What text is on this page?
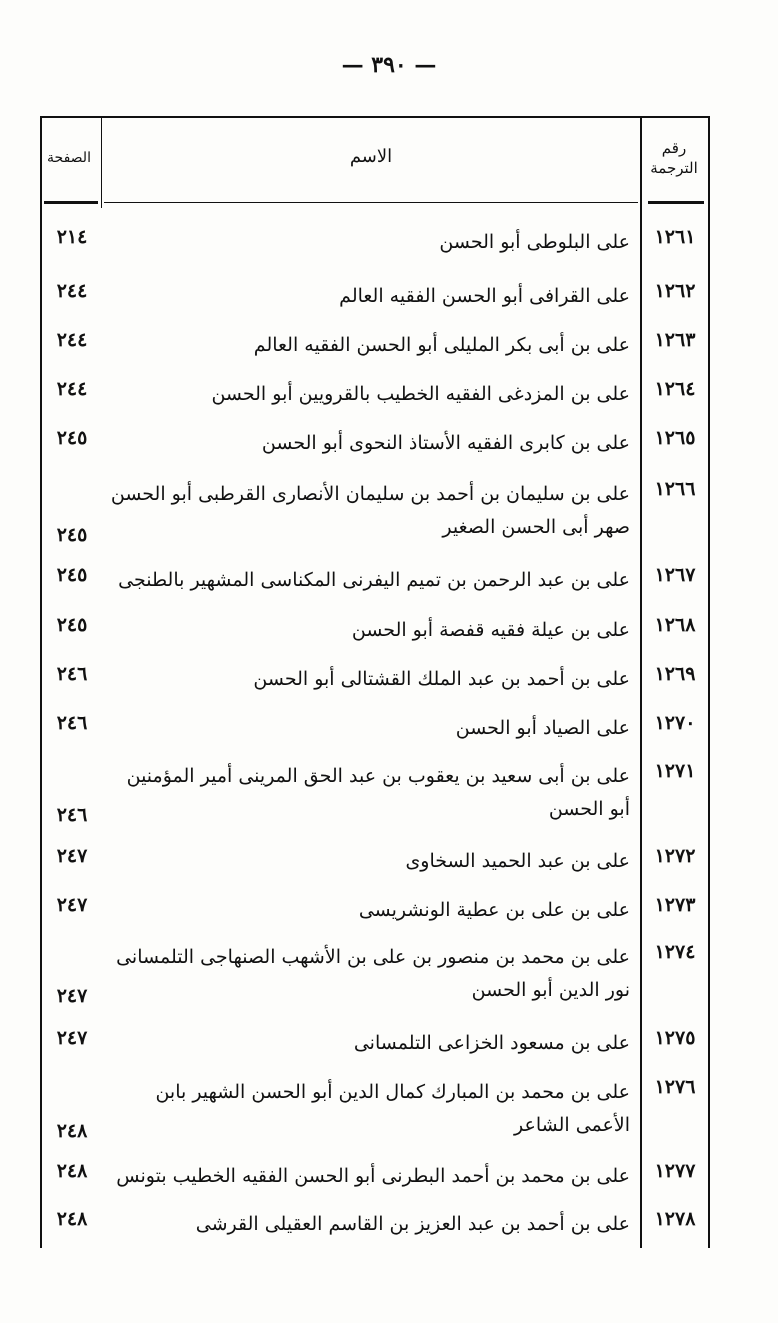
— ٣٩٠ —
رقم الترجمة
الاسم
الصفحة
١٢٦١
على البلوطى أبو الحسن
٢١٤
١٢٦٢
على القرافى أبو الحسن الفقيه العالم
٢٤٤
١٢٦٣
على بن أبى بكر المليلى أبو الحسن الفقيه العالم
٢٤٤
١٢٦٤
على بن المزدغى الفقيه الخطيب بالقرويين أبو الحسن
٢٤٤
١٢٦٥
على بن كابرى الفقيه الأستاذ النحوى أبو الحسن
٢٤٥
١٢٦٦
على بن سليمان بن أحمد بن سليمان الأنصارى القرطبى أبو الحسن صهر أبى الحسن الصغير
٢٤٥
١٢٦٧
على بن عبد الرحمن بن تميم اليفرنى المكناسى المشهير بالطنجى
٢٤٥
١٢٦٨
على بن عيلة فقيه قفصة أبو الحسن
٢٤٥
١٢٦٩
على بن أحمد بن عبد الملك القشتالى أبو الحسن
٢٤٦
١٢٧٠
على الصياد أبو الحسن
٢٤٦
١٢٧١
على بن أبى سعيد بن يعقوب بن عبد الحق المرينى أمير المؤمنين أبو الحسن
٢٤٦
١٢٧٢
على بن عبد الحميد السخاوى
٢٤٧
١٢٧٣
على بن على بن عطية الونشريسى
٢٤٧
١٢٧٤
على بن محمد بن منصور بن على بن الأشهب الصنهاجى التلمسانى نور الدين أبو الحسن
٢٤٧
١٢٧٥
على بن مسعود الخزاعى التلمسانى
٢٤٧
١٢٧٦
على بن محمد بن المبارك كمال الدين أبو الحسن الشهير بابن الأعمى الشاعر
٢٤٨
١٢٧٧
على بن محمد بن أحمد البطرنى أبو الحسن الفقيه الخطيب بتونس
٢٤٨
١٢٧٨
على بن أحمد بن عبد العزيز بن القاسم العقيلى القرشى
٢٤٨
